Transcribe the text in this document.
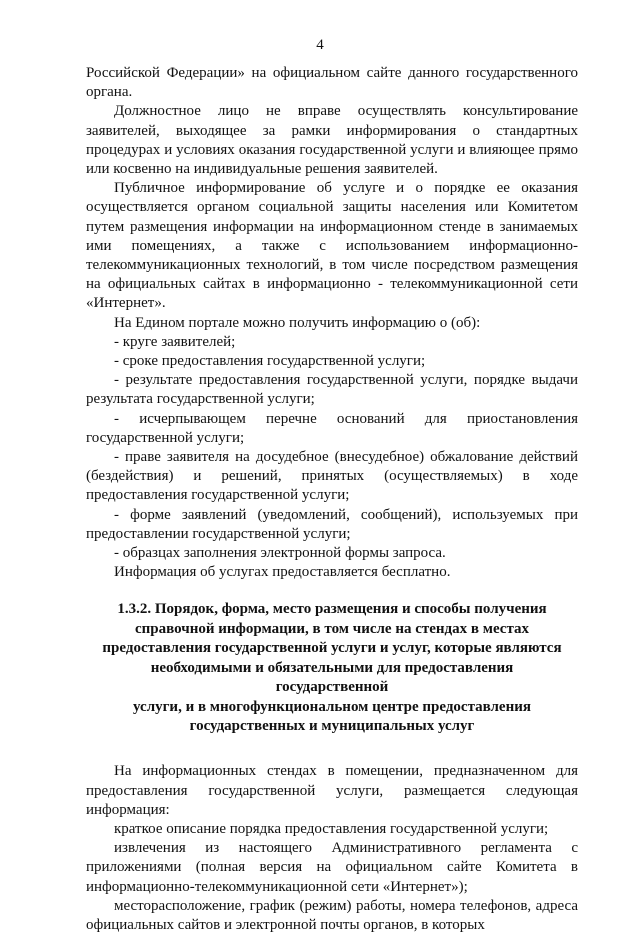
4

Российской Федерации» на официальном сайте данного государственного органа.

Должностное лицо не вправе осуществлять консультирование заявителей, выходящее за рамки информирования о стандартных процедурах и условиях оказания государственной услуги и влияющее прямо или косвенно на индивидуальные решения заявителей.

Публичное информирование об услуге и о порядке ее оказания осуществляется органом социальной защиты населения или Комитетом путем размещения информации на информационном стенде в занимаемых ими помещениях, а также с использованием информационно-телекоммуникационных технологий, в том числе посредством размещения на официальных сайтах в информационно - телекоммуникационной сети «Интернет».

На Едином портале можно получить информацию о (об):

- круге заявителей;

- сроке предоставления государственной услуги;

- результате предоставления государственной услуги, порядке выдачи результата государственной услуги;

- исчерпывающем перечне оснований для приостановления государственной услуги;

- праве заявителя на досудебное (внесудебное) обжалование действий (бездействия) и решений, принятых (осуществляемых) в ходе предоставления государственной услуги;

- форме заявлений (уведомлений, сообщений), используемых при предоставлении государственной услуги;

- образцах заполнения электронной формы запроса.

Информация об услугах предоставляется бесплатно.

1.3.2. Порядок, форма, место размещения и способы получения
справочной информации, в том числе на стендах в местах
предоставления государственной услуги и услуг, которые являются
необходимыми и обязательными для предоставления государственной
услуги, и в многофункциональном центре предоставления
государственных и муниципальных услуг

На информационных стендах в помещении, предназначенном для предоставления государственной услуги, размещается следующая информация:

краткое описание порядка предоставления государственной услуги;

извлечения из настоящего Административного регламента с приложениями (полная версия на официальном сайте Комитета в информационно-телекоммуникационной сети «Интернет»);

месторасположение, график (режим) работы, номера телефонов, адреса официальных сайтов и электронной почты органов, в которых
